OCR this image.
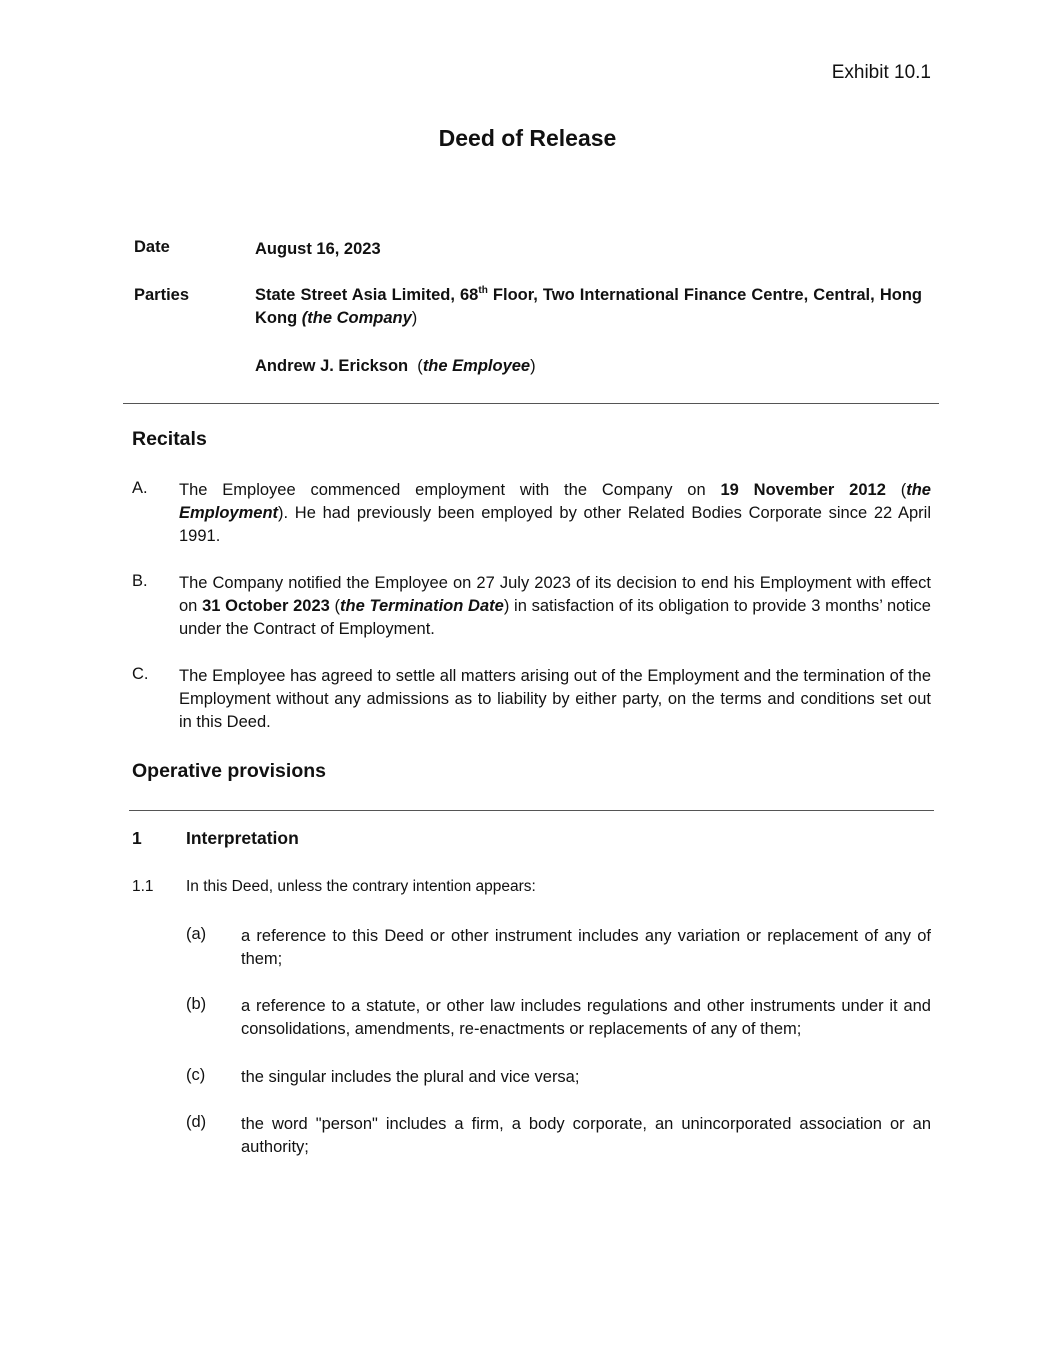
Exhibit 10.1
Deed of Release
Date	August 16, 2023
Parties	State Street Asia Limited, 68th Floor, Two International Finance Centre, Central, Hong Kong (the Company)
Andrew J. Erickson  (the Employee)
Recitals
A. The Employee commenced employment with the Company on 19 November 2012 (the Employment). He had previously been employed by other Related Bodies Corporate since 22 April 1991.
B. The Company notified the Employee on 27 July 2023 of its decision to end his Employment with effect on 31 October 2023 (the Termination Date) in satisfaction of its obligation to provide 3 months’ notice under the Contract of Employment.
C. The Employee has agreed to settle all matters arising out of the Employment and the termination of the Employment without any admissions as to liability by either party, on the terms and conditions set out in this Deed.
Operative provisions
1	Interpretation
1.1 In this Deed, unless the contrary intention appears:
(a) a reference to this Deed or other instrument includes any variation or replacement of any of them;
(b) a reference to a statute, or other law includes regulations and other instruments under it and consolidations, amendments, re-enactments or replacements of any of them;
(c) the singular includes the plural and vice versa;
(d) the word "person" includes a firm, a body corporate, an unincorporated association or an authority;
